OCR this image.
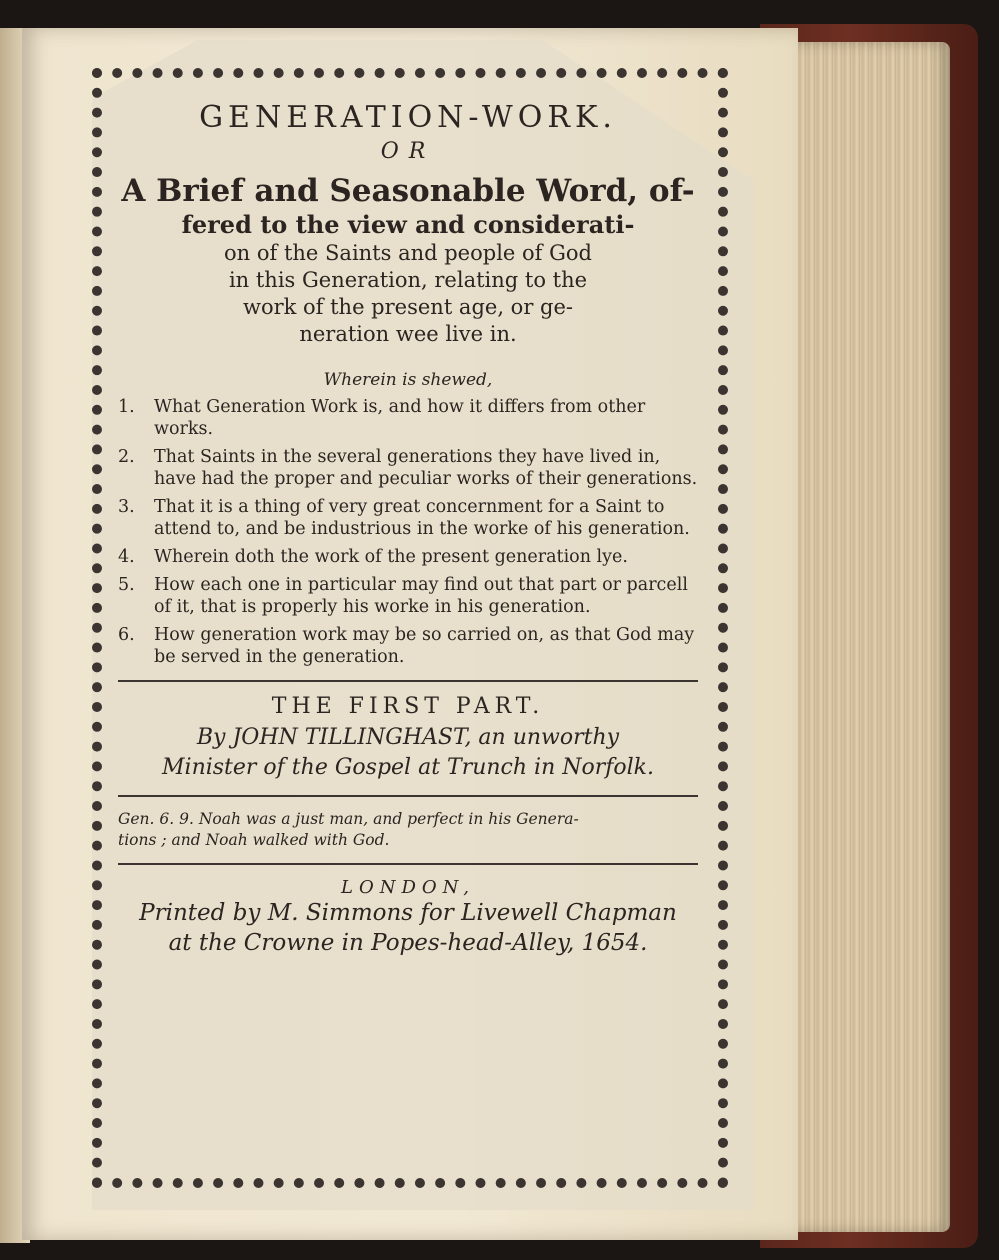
GENERATION-WORK.

OR

A Brief and Seasonable Word, of-

fered to the view and considerati-

on of the Saints and people of God

in this Generation, relating to the

work of the present age, or ge-

neration wee live in.

Wherein is shewed,

1.	What Generation Work is, and how it differs from other works.
2.	That Saints in the several generations they have lived in, have had the proper and peculiar works of their generations.
3.	That it is a thing of very great concernment for a Saint to attend to, and be industrious in the worke of his generation.
4.	Wherein doth the work of the present generation lye.
5.	How each one in particular may find out that part or parcell of it, that is properly his worke in his generation.
6.	How generation work may be so carried on, as that God may be served in the generation.

THE FIRST PART.

By JOHN TILLINGHAST, an unworthy

Minister of the Gospel at Trunch in Norfolk.

Gen. 6. 9. Noah was a just man, and perfect in his Genera-

tions ; and Noah walked with God.

LONDON,

Printed by M. Simmons for Livewell Chapman

at the Crowne in Popes-head-Alley, 1654.
